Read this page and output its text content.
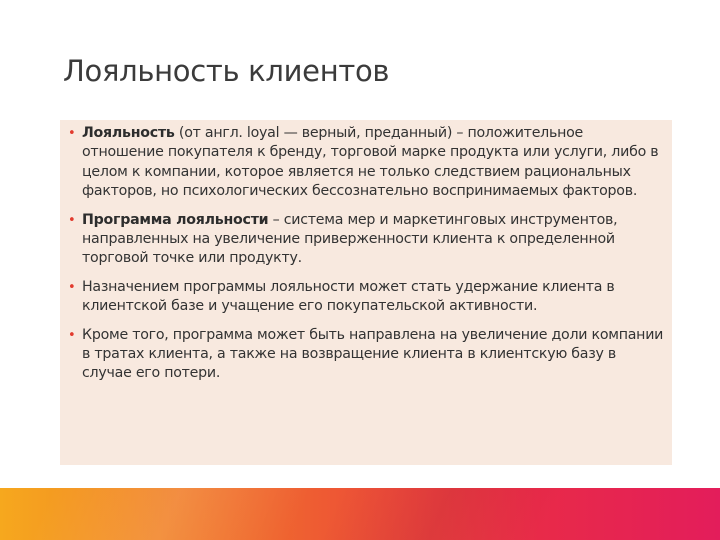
Лояльность клиентов
• Лояльность (от англ. loyal — верный, преданный) – положительное отношение покупателя к бренду, торговой марке продукта или услуги, либо в целом к компании, которое является не только следствием рациональных факторов, но психологических бессознательно воспринимаемых факторов.
• Программа лояльности – система мер и маркетинговых инструментов, направленных на увеличение приверженности клиента к определенной торговой точке или продукту.
• Назначением программы лояльности может стать удержание клиента в клиентской базе и учащение его покупательской активности.
• Кроме того, программа может быть направлена на увеличение доли компании в тратах клиента, а также на возвращение клиента в клиентскую базу в случае его потери.
